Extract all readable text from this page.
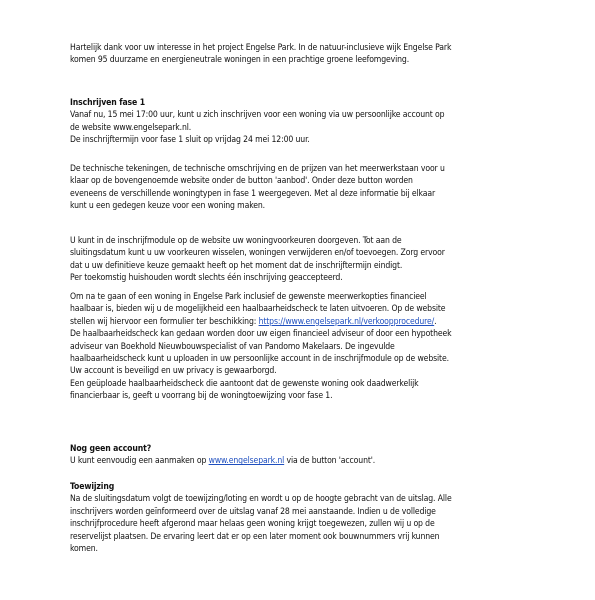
Hartelijk dank voor uw interesse in het project Engelse Park. In de natuur-inclusieve wijk Engelse Park
komen 95 duurzame en energieneutrale woningen in een prachtige groene leefomgeving.
Inschrijven fase 1
Vanaf nu, 15 mei 17:00 uur, kunt u zich inschrijven voor een woning via uw persoonlijke account op
de website www.engelsepark.nl.
De inschrijftermijn voor fase 1 sluit op vrijdag 24 mei 12:00 uur.
De technische tekeningen, de technische omschrijving en de prijzen van het meerwerkstaan voor u
klaar op de bovengenoemde website onder de button 'aanbod'. Onder deze button worden
eveneens de verschillende woningtypen in fase 1 weergegeven. Met al deze informatie bij elkaar
kunt u een gedegen keuze voor een woning maken.
U kunt in de inschrijfmodule op de website uw woningvoorkeuren doorgeven. Tot aan de
sluitingsdatum kunt u uw voorkeuren wisselen, woningen verwijderen en/of toevoegen. Zorg ervoor
dat u uw definitieve keuze gemaakt heeft op het moment dat de inschrijftermijn eindigt.
Per toekomstig huishouden wordt slechts één inschrijving geaccepteerd.
Om na te gaan of een woning in Engelse Park inclusief de gewenste meerwerkopties financieel
haalbaar is, bieden wij u de mogelijkheid een haalbaarheidscheck te laten uitvoeren. Op de website
stellen wij hiervoor een formulier ter beschikking: https://www.engelsepark.nl/verkoopprocedure/.
De haalbaarheidscheck kan gedaan worden door uw eigen financieel adviseur of door een hypotheek
adviseur van Boekhold Nieuwbouwspecialist of van Pandomo Makelaars. De ingevulde
haalbaarheidscheck kunt u uploaden in uw persoonlijke account in de inschrijfmodule op de website.
Uw account is beveiligd en uw privacy is gewaarborgd.
Een geüploade haalbaarheidscheck die aantoont dat de gewenste woning ook daadwerkelijk
financierbaar is, geeft u voorrang bij de woningtoewijzing voor fase 1.
Nog geen account?
U kunt eenvoudig een aanmaken op www.engelsepark.nl via de button 'account'.
Toewijzing
Na de sluitingsdatum volgt de toewijzing/loting en wordt u op de hoogte gebracht van de uitslag. Alle
inschrijvers worden geïnformeerd over de uitslag vanaf 28 mei aanstaande. Indien u de volledige
inschrijfprocedure heeft afgerond maar helaas geen woning krijgt toegewezen, zullen wij u op de
reservelijst plaatsen. De ervaring leert dat er op een later moment ook bouwnummers vrij kunnen
komen.
